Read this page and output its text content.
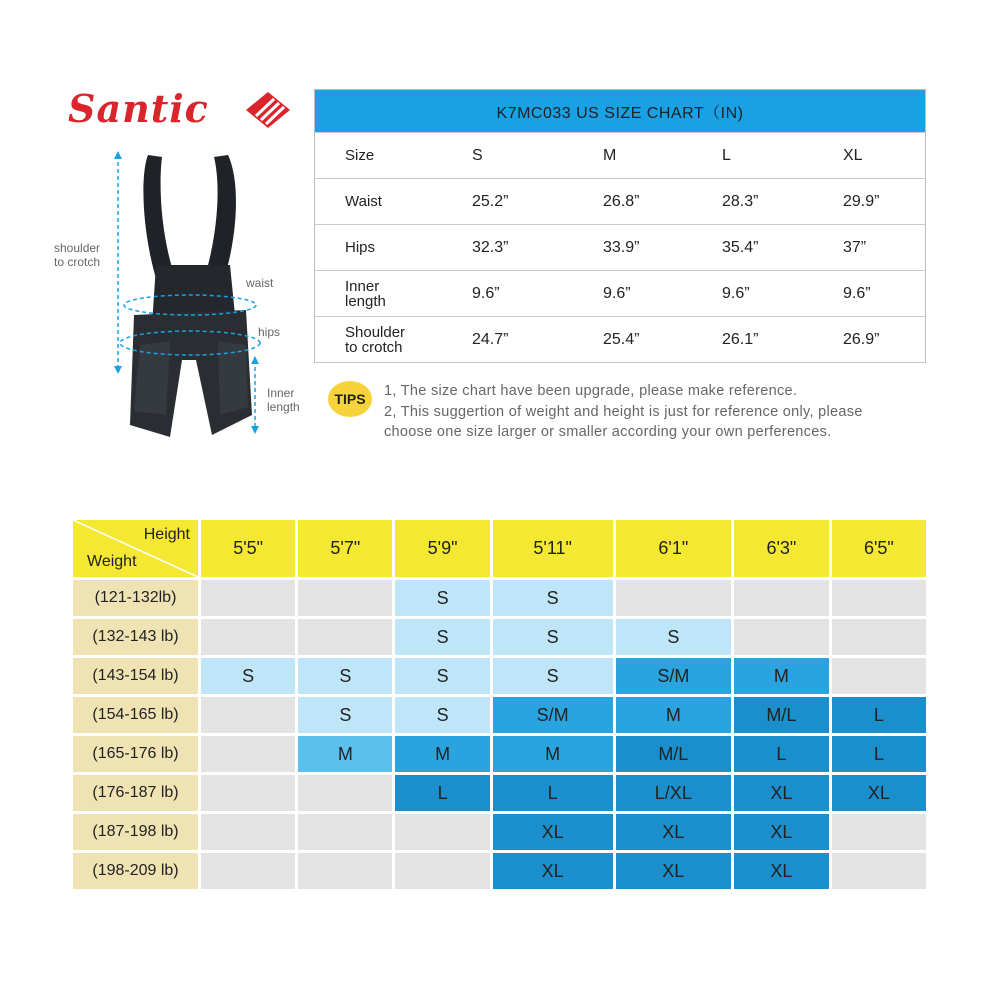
Santic
shoulder
to crotch
waist
hips
Inner
length
K7MC033 US SIZE CHART（IN)				
Size	S	M	L	XL
Waist	25.2”	26.8”	28.3”	29.9”
Hips	32.3”	33.9”	35.4”	37”
Inner
length	9.6”	9.6”	9.6”	9.6”
Shoulder
to crotch	24.7”	25.4”	26.1”	26.9”
TIPS	1, The size chart have been upgrade, please make reference.
2, This suggertion of weight and height is just for reference only, please
choose one size larger or smaller according your own perferences.
Height
Weight	5'5"	5'7"	5'9"	5'11"	6'1"	6'3"	6'5"
(121-132lb)			S	S			
(132-143 lb)			S	S	S		
(143-154 lb)	S	S	S	S	S/M	M	
(154-165 lb)		S	S	S/M	M	M/L	L
(165-176 lb)		M	M	M	M/L	L	L
(176-187 lb)			L	L	L/XL	XL	XL
(187-198 lb)				XL	XL	XL	
(198-209 lb)				XL	XL	XL	
